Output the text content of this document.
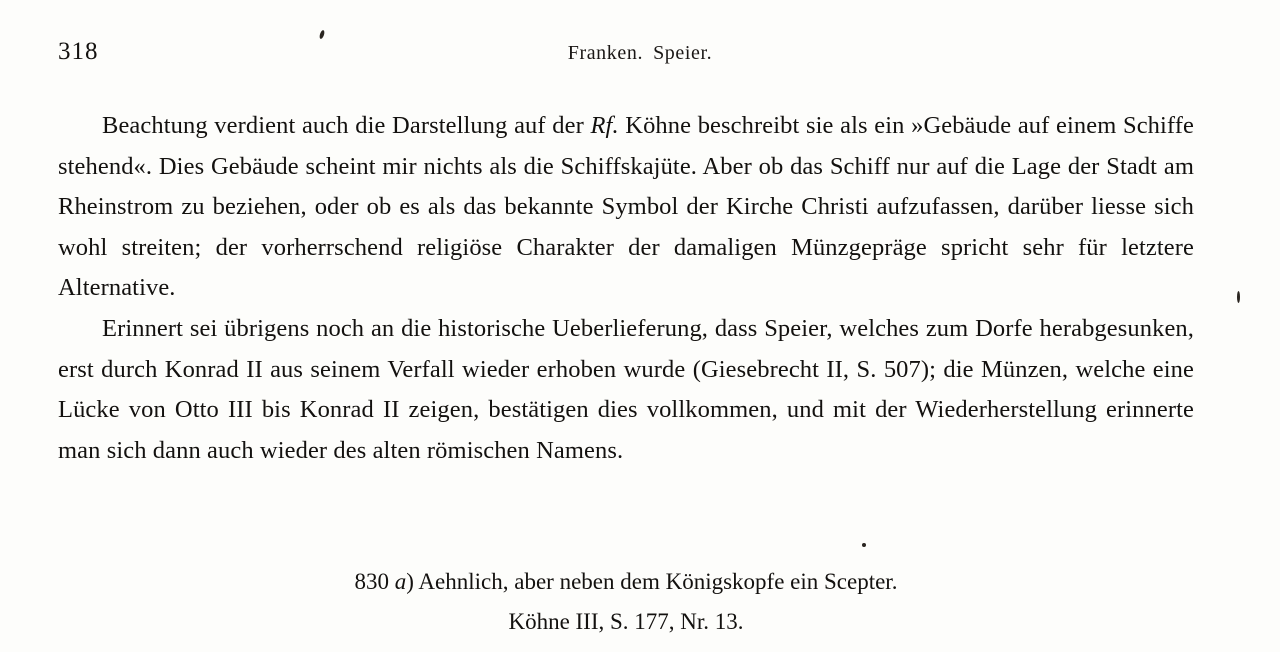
318	Franken. Speier.

Beachtung verdient auch die Darstellung auf der Rf. Köhne beschreibt sie als ein »Gebäude auf einem Schiffe stehend«. Dies Gebäude scheint mir nichts als die Schiffskajüte. Aber ob das Schiff nur auf die Lage der Stadt am Rheinstrom zu beziehen, oder ob es als das bekannte Symbol der Kirche Christi aufzufassen, darüber liesse sich wohl streiten; der vorherrschend religiöse Charakter der damaligen Münzgepräge spricht sehr für letztere Alternative.

Erinnert sei übrigens noch an die historische Ueberlieferung, dass Speier, welches zum Dorfe herabgesunken, erst durch Konrad II aus seinem Verfall wieder erhoben wurde (Giesebrecht II, S. 507); die Münzen, welche eine Lücke von Otto III bis Konrad II zeigen, bestätigen dies vollkommen, und mit der Wiederherstellung erinnerte man sich dann auch wieder des alten römischen Namens.

830 a) Aehnlich, aber neben dem Königskopfe ein Scepter.
Köhne III, S. 177, Nr. 13.
